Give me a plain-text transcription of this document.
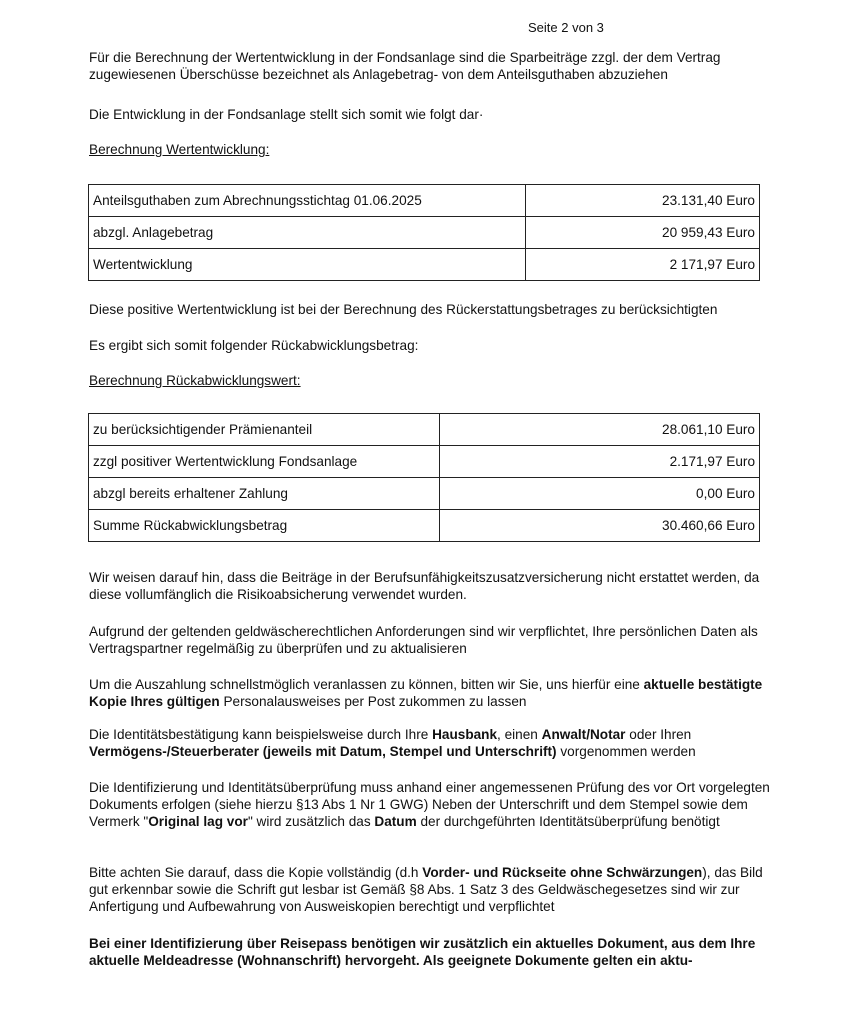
Seite 2 von 3

Für die Berechnung der Wertentwicklung in der Fondsanlage sind die Sparbeiträge zzgl. der dem Vertrag zugewiesenen Überschüsse bezeichnet als Anlagebetrag- von dem Anteilsguthaben abzuziehen

Die Entwicklung in der Fondsanlage stellt sich somit wie folgt dar·

Berechnung Wertentwicklung:

Anteilsguthaben zum Abrechnungsstichtag 01.06.2025	23.131,40 Euro
abzgl. Anlagebetrag	20 959,43 Euro
Wertentwicklung	2 171,97 Euro

Diese positive Wertentwicklung ist bei der Berechnung des Rückerstattungsbetrages zu berücksichtigten

Es ergibt sich somit folgender Rückabwicklungsbetrag:

Berechnung Rückabwicklungswert:

zu berücksichtigender Prämienanteil	28.061,10 Euro
zzgl positiver Wertentwicklung Fondsanlage	2.171,97 Euro
abzgl bereits erhaltener Zahlung	0,00 Euro
Summe Rückabwicklungsbetrag	30.460,66 Euro

Wir weisen darauf hin, dass die Beiträge in der Berufsunfähigkeitszusatzversicherung nicht erstattet werden, da diese vollumfänglich die Risikoabsicherung verwendet wurden.

Aufgrund der geltenden geldwäscherechtlichen Anforderungen sind wir verpflichtet, Ihre persönlichen Daten als Vertragspartner regelmäßig zu überprüfen und zu aktualisieren

Um die Auszahlung schnellstmöglich veranlassen zu können, bitten wir Sie, uns hierfür eine aktuelle bestätigte Kopie Ihres gültigen Personalausweises per Post zukommen zu lassen

Die Identitätsbestätigung kann beispielsweise durch Ihre Hausbank, einen Anwalt/Notar oder Ihren Vermögens-/Steuerberater (jeweils mit Datum, Stempel und Unterschrift) vorgenommen werden

Die Identifizierung und Identitätsüberprüfung muss anhand einer angemessenen Prüfung des vor Ort vorgelegten Dokuments erfolgen (siehe hierzu §13 Abs 1 Nr 1 GWG) Neben der Unterschrift und dem Stempel sowie dem Vermerk "Original lag vor" wird zusätzlich das Datum der durchgeführten Identitätsüberprüfung benötigt

Bitte achten Sie darauf, dass die Kopie vollständig (d.h Vorder- und Rückseite ohne Schwärzungen), das Bild gut erkennbar sowie die Schrift gut lesbar ist Gemäß §8 Abs. 1 Satz 3 des Geldwäschegesetzes sind wir zur Anfertigung und Aufbewahrung von Ausweiskopien berechtigt und verpflichtet

Bei einer Identifizierung über Reisepass benötigen wir zusätzlich ein aktuelles Dokument, aus dem Ihre aktuelle Meldeadresse (Wohnanschrift) hervorgeht. Als geeignete Dokumente gelten ein aktu-
